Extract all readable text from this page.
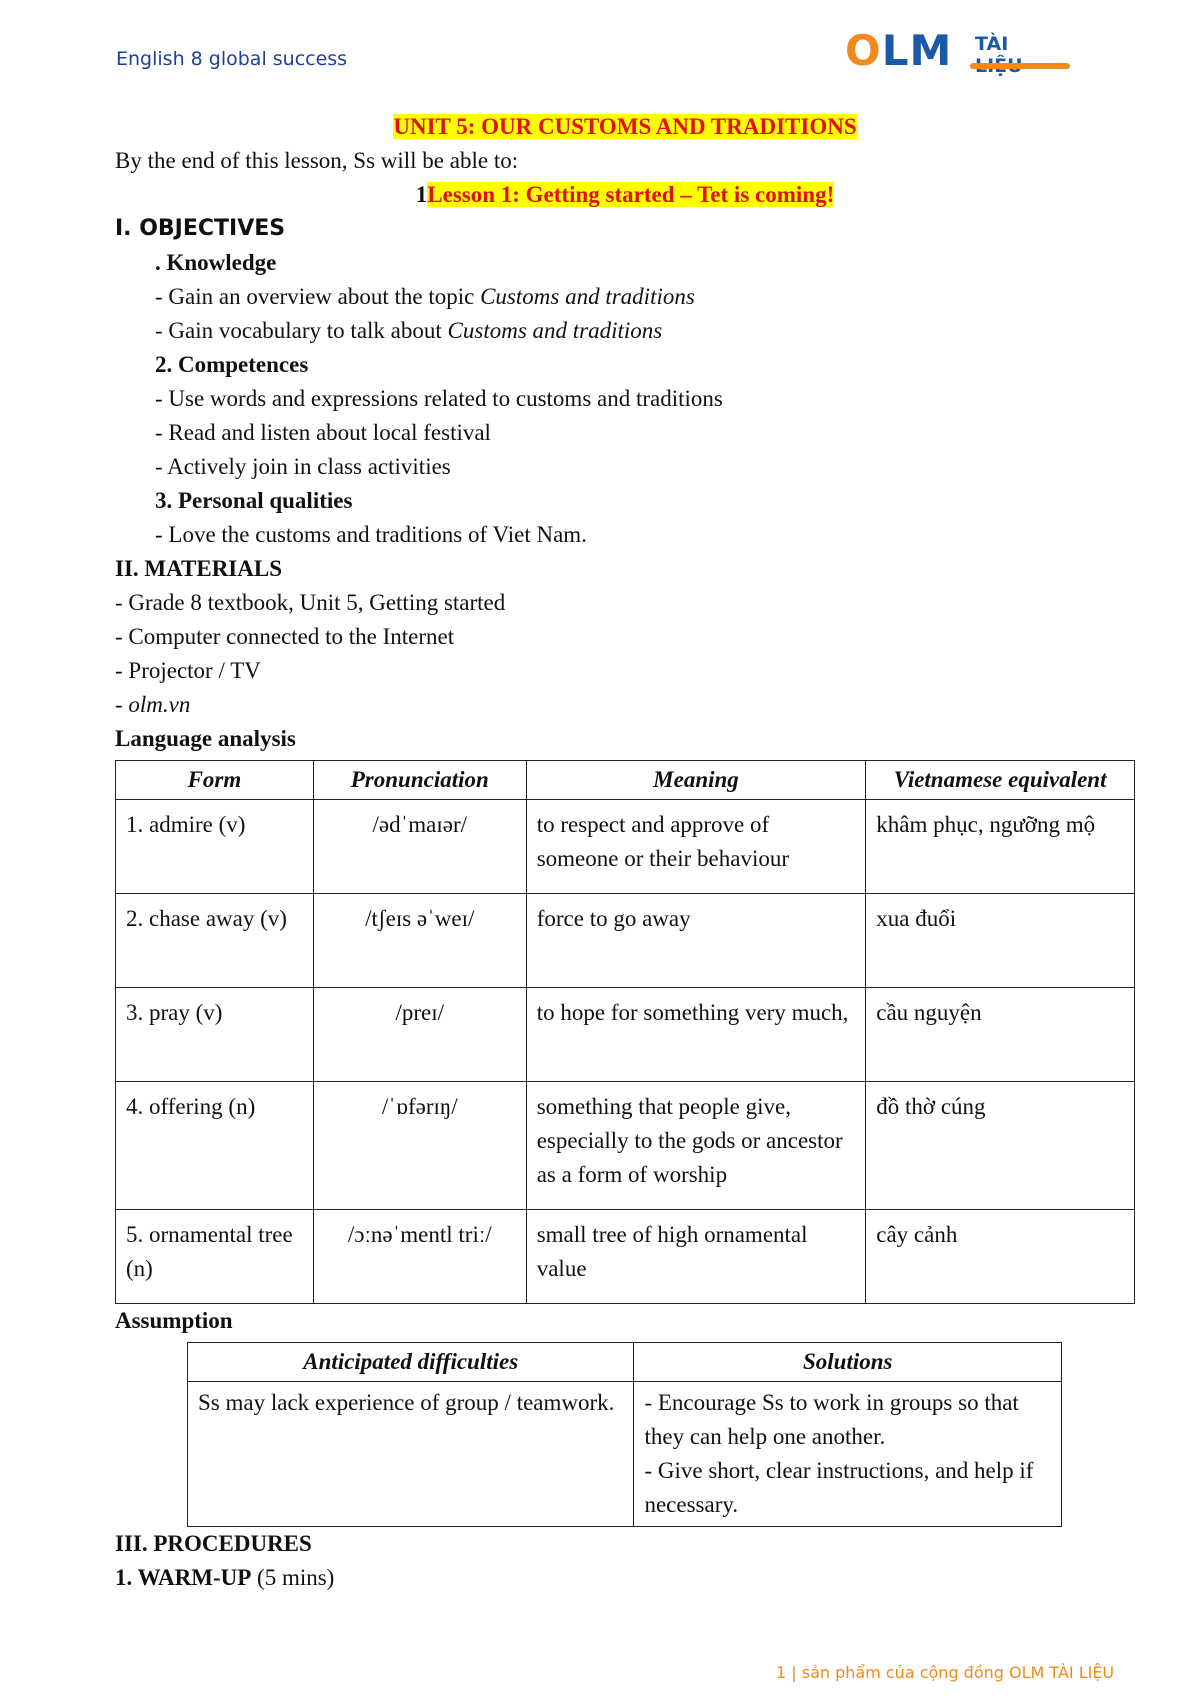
English 8 global success	OLM TÀI
UNIT 5: OUR CUSTOMS AND TRADITIONS
By the end of this lesson, Ss will be able to:
1Lesson 1: Getting started – Tet is coming!
I. OBJECTIVES
. Knowledge
- Gain an overview about the topic Customs and traditions
- Gain vocabulary to talk about Customs and traditions
2. Competences
- Use words and expressions related to customs and traditions
- Read and listen about local festival
- Actively join in class activities
3. Personal qualities
- Love the customs and traditions of Viet Nam.
II. MATERIALS
- Grade 8 textbook, Unit 5, Getting started
- Computer connected to the Internet
- Projector / TV
- olm.vn
Language analysis
Form	Pronunciation	Meaning	Vietnamese equivalent
1. admire (v)	/ədˈmaɪər/	to respect and approve of someone or their behaviour	khâm phục, ngưỡng mộ
2. chase away (v)	/tʃeɪs əˈweɪ/	force to go away	xua đuổi
3. pray (v)	/preɪ/	to hope for something very much,	cầu nguyện
4. offering (n)	/ˈɒfərɪŋ/	something that people give, especially to the gods or ancestor as a form of worship	đồ thờ cúng
5. ornamental tree (n)	/ɔːnəˈmentl triː/	small tree of high ornamental value	cây cảnh
Assumption
Anticipated difficulties	Solutions
Ss may lack experience of group / teamwork.	- Encourage Ss to work in groups so that they can help one another.
- Give short, clear instructions, and help if necessary.
III. PROCEDURES
1. WARM-UP (5 mins)
1 | sản phẩm của cộng đồng OLM TÀI LIỆU
